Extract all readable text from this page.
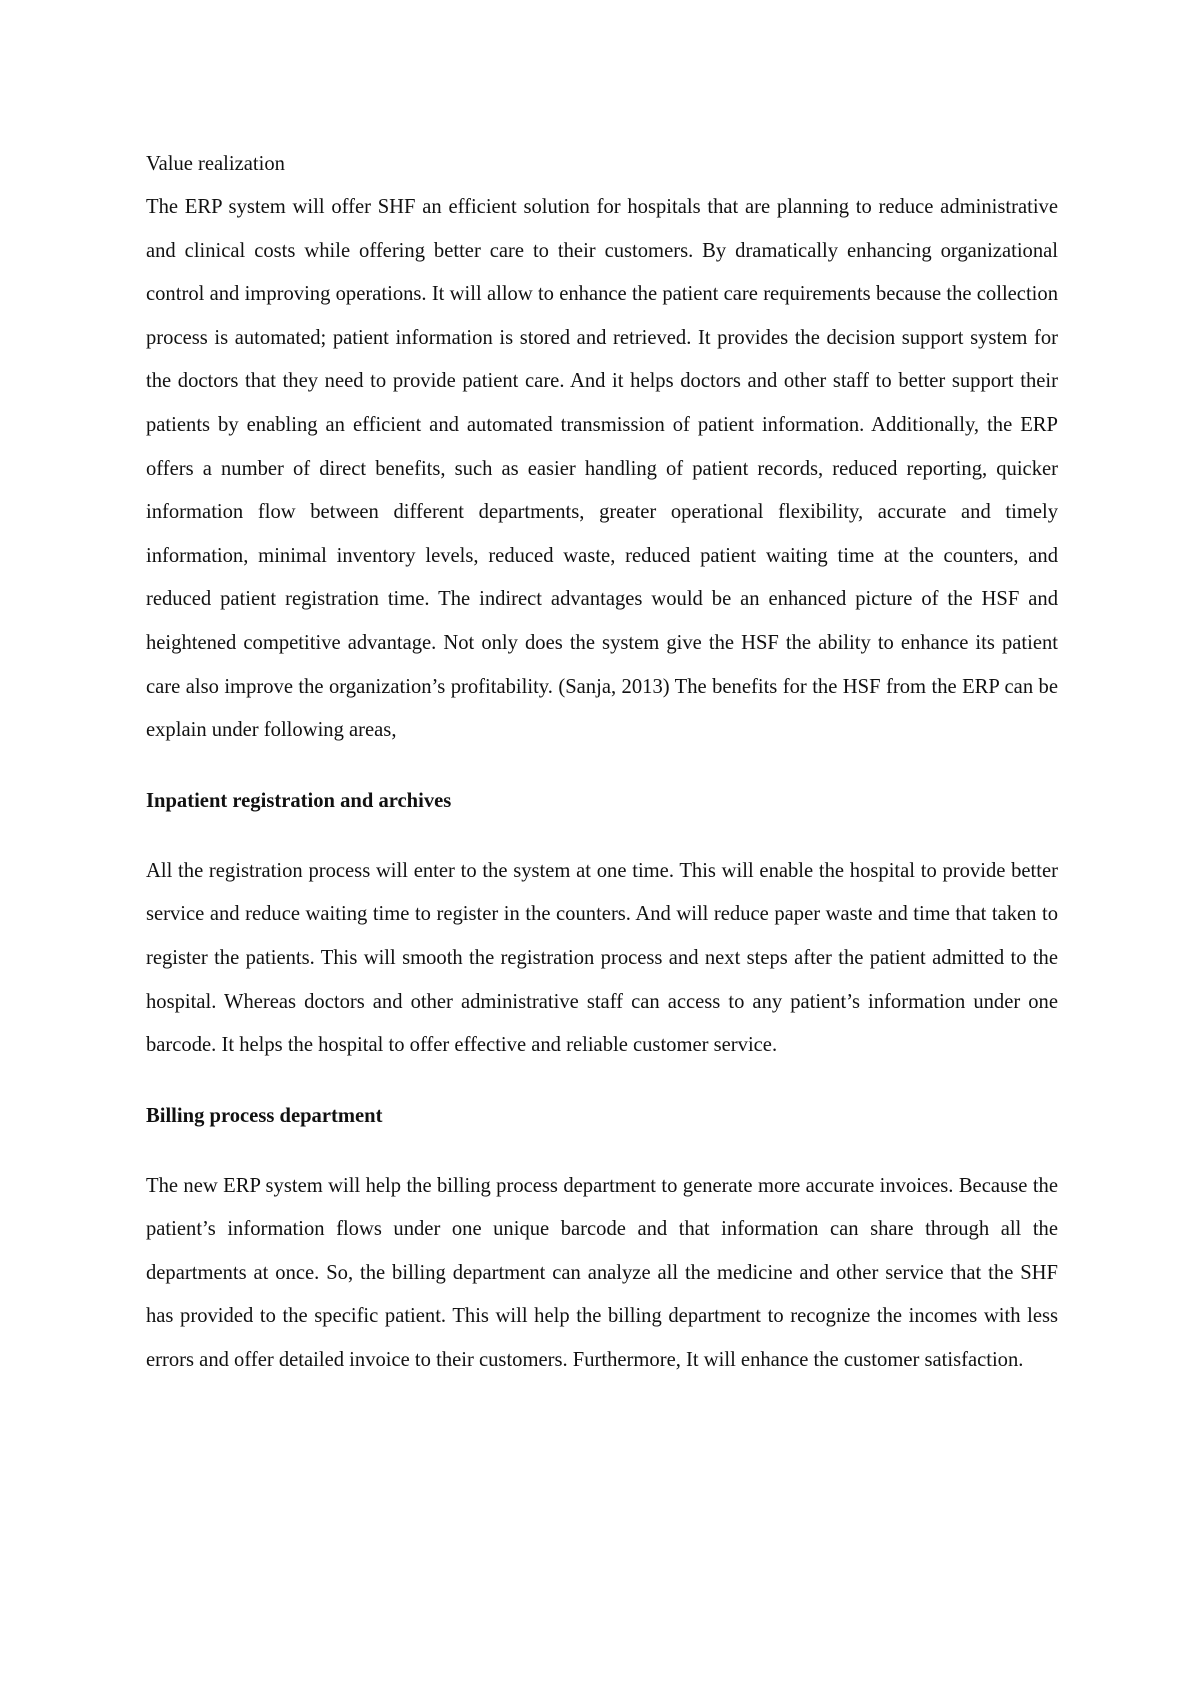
Value realization

The ERP system will offer SHF an efficient solution for hospitals that are planning to reduce administrative and clinical costs while offering better care to their customers. By dramatically enhancing organizational control and improving operations. It will allow to enhance the patient care requirements because the collection process is automated; patient information is stored and retrieved. It provides the decision support system for the doctors that they need to provide patient care. And it helps doctors and other staff to better support their patients by enabling an efficient and automated transmission of patient information. Additionally, the ERP offers a number of direct benefits, such as easier handling of patient records, reduced reporting, quicker information flow between different departments, greater operational flexibility, accurate and timely information, minimal inventory levels, reduced waste, reduced patient waiting time at the counters, and reduced patient registration time. The indirect advantages would be an enhanced picture of the HSF and heightened competitive advantage. Not only does the system give the HSF the ability to enhance its patient care also improve the organization’s profitability. (Sanja, 2013) The benefits for the HSF from the ERP can be explain under following areas,

Inpatient registration and archives

All the registration process will enter to the system at one time. This will enable the hospital to provide better service and reduce waiting time to register in the counters. And will reduce paper waste and time that taken to register the patients. This will smooth the registration process and next steps after the patient admitted to the hospital. Whereas doctors and other administrative staff can access to any patient’s information under one barcode. It helps the hospital to offer effective and reliable customer service.

Billing process department

The new ERP system will help the billing process department to generate more accurate invoices. Because the patient’s information flows under one unique barcode and that information can share through all the departments at once. So, the billing department can analyze all the medicine and other service that the SHF has provided to the specific patient. This will help the billing department to recognize the incomes with less errors and offer detailed invoice to their customers. Furthermore, It will enhance the customer satisfaction.
